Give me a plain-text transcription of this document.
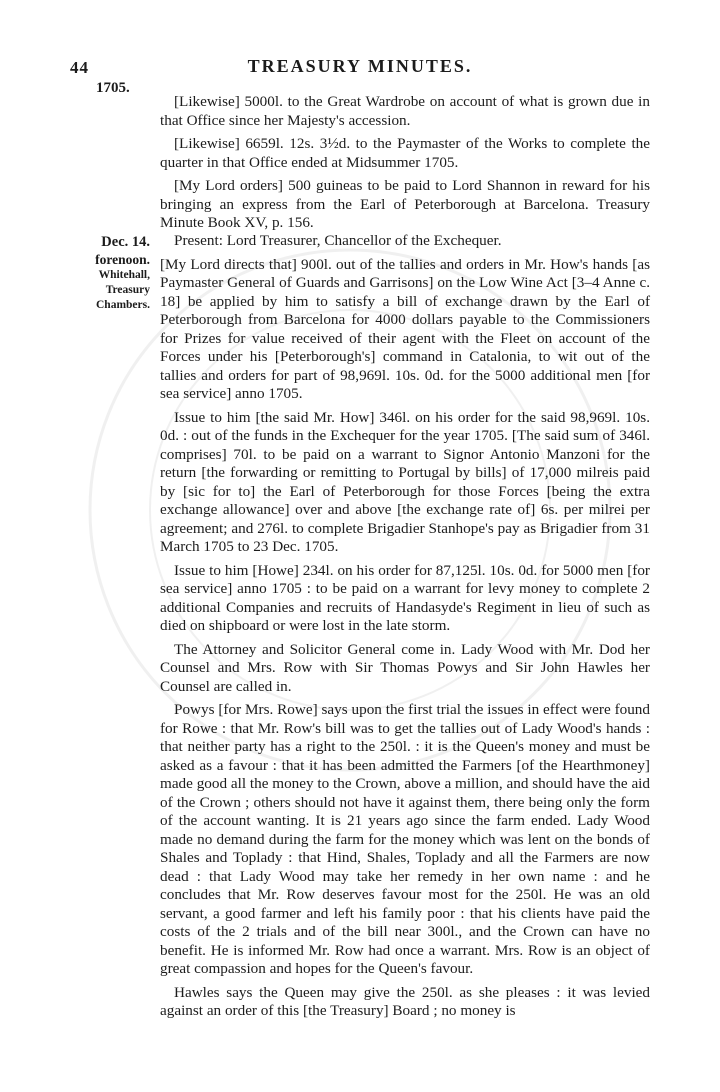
44	TREASURY MINUTES.
1705.
Dec. 14.
forenoon.
Whitehall,
Treasury
Chambers.

[Likewise] 5000l. to the Great Wardrobe on account of what is grown due in that Office since her Majesty's accession.

[Likewise] 6659l. 12s. 3½d. to the Paymaster of the Works to complete the quarter in that Office ended at Midsummer 1705.

[My Lord orders] 500 guineas to be paid to Lord Shannon in reward for his bringing an express from the Earl of Peterborough at Barcelona. Treasury Minute Book XV, p. 156.

Present: Lord Treasurer, Chancellor of the Exchequer.

[My Lord directs that] 900l. out of the tallies and orders in Mr. How's hands [as Paymaster General of Guards and Garrisons] on the Low Wine Act [3–4 Anne c. 18] be applied by him to satisfy a bill of exchange drawn by the Earl of Peterborough from Barcelona for 4000 dollars payable to the Commissioners for Prizes for value received of their agent with the Fleet on account of the Forces under his [Peterborough's] command in Catalonia, to wit out of the tallies and orders for part of 98,969l. 10s. 0d. for the 5000 additional men [for sea service] anno 1705.

Issue to him [the said Mr. How] 346l. on his order for the said 98,969l. 10s. 0d. : out of the funds in the Exchequer for the year 1705. [The said sum of 346l. comprises] 70l. to be paid on a warrant to Signor Antonio Manzoni for the return [the forwarding or remitting to Portugal by bills] of 17,000 milreis paid by [sic for to] the Earl of Peterborough for those Forces [being the extra exchange allowance] over and above [the exchange rate of] 6s. per milrei per agreement; and 276l. to complete Brigadier Stanhope's pay as Brigadier from 31 March 1705 to 23 Dec. 1705.

Issue to him [Howe] 234l. on his order for 87,125l. 10s. 0d. for 5000 men [for sea service] anno 1705 : to be paid on a warrant for levy money to complete 2 additional Companies and recruits of Handasyde's Regiment in lieu of such as died on shipboard or were lost in the late storm.

The Attorney and Solicitor General come in. Lady Wood with Mr. Dod her Counsel and Mrs. Row with Sir Thomas Powys and Sir John Hawles her Counsel are called in.

Powys [for Mrs. Rowe] says upon the first trial the issues in effect were found for Rowe : that Mr. Row's bill was to get the tallies out of Lady Wood's hands : that neither party has a right to the 250l. : it is the Queen's money and must be asked as a favour : that it has been admitted the Farmers [of the Hearthmoney] made good all the money to the Crown, above a million, and should have the aid of the Crown ; others should not have it against them, there being only the form of the account wanting. It is 21 years ago since the farm ended. Lady Wood made no demand during the farm for the money which was lent on the bonds of Shales and Toplady : that Hind, Shales, Toplady and all the Farmers are now dead : that Lady Wood may take her remedy in her own name : and he concludes that Mr. Row deserves favour most for the 250l. He was an old servant, a good farmer and left his family poor : that his clients have paid the costs of the 2 trials and of the bill near 300l., and the Crown can have no benefit. He is informed Mr. Row had once a warrant. Mrs. Row is an object of great compassion and hopes for the Queen's favour.

Hawles says the Queen may give the 250l. as she pleases : it was levied against an order of this [the Treasury] Board ; no money is
